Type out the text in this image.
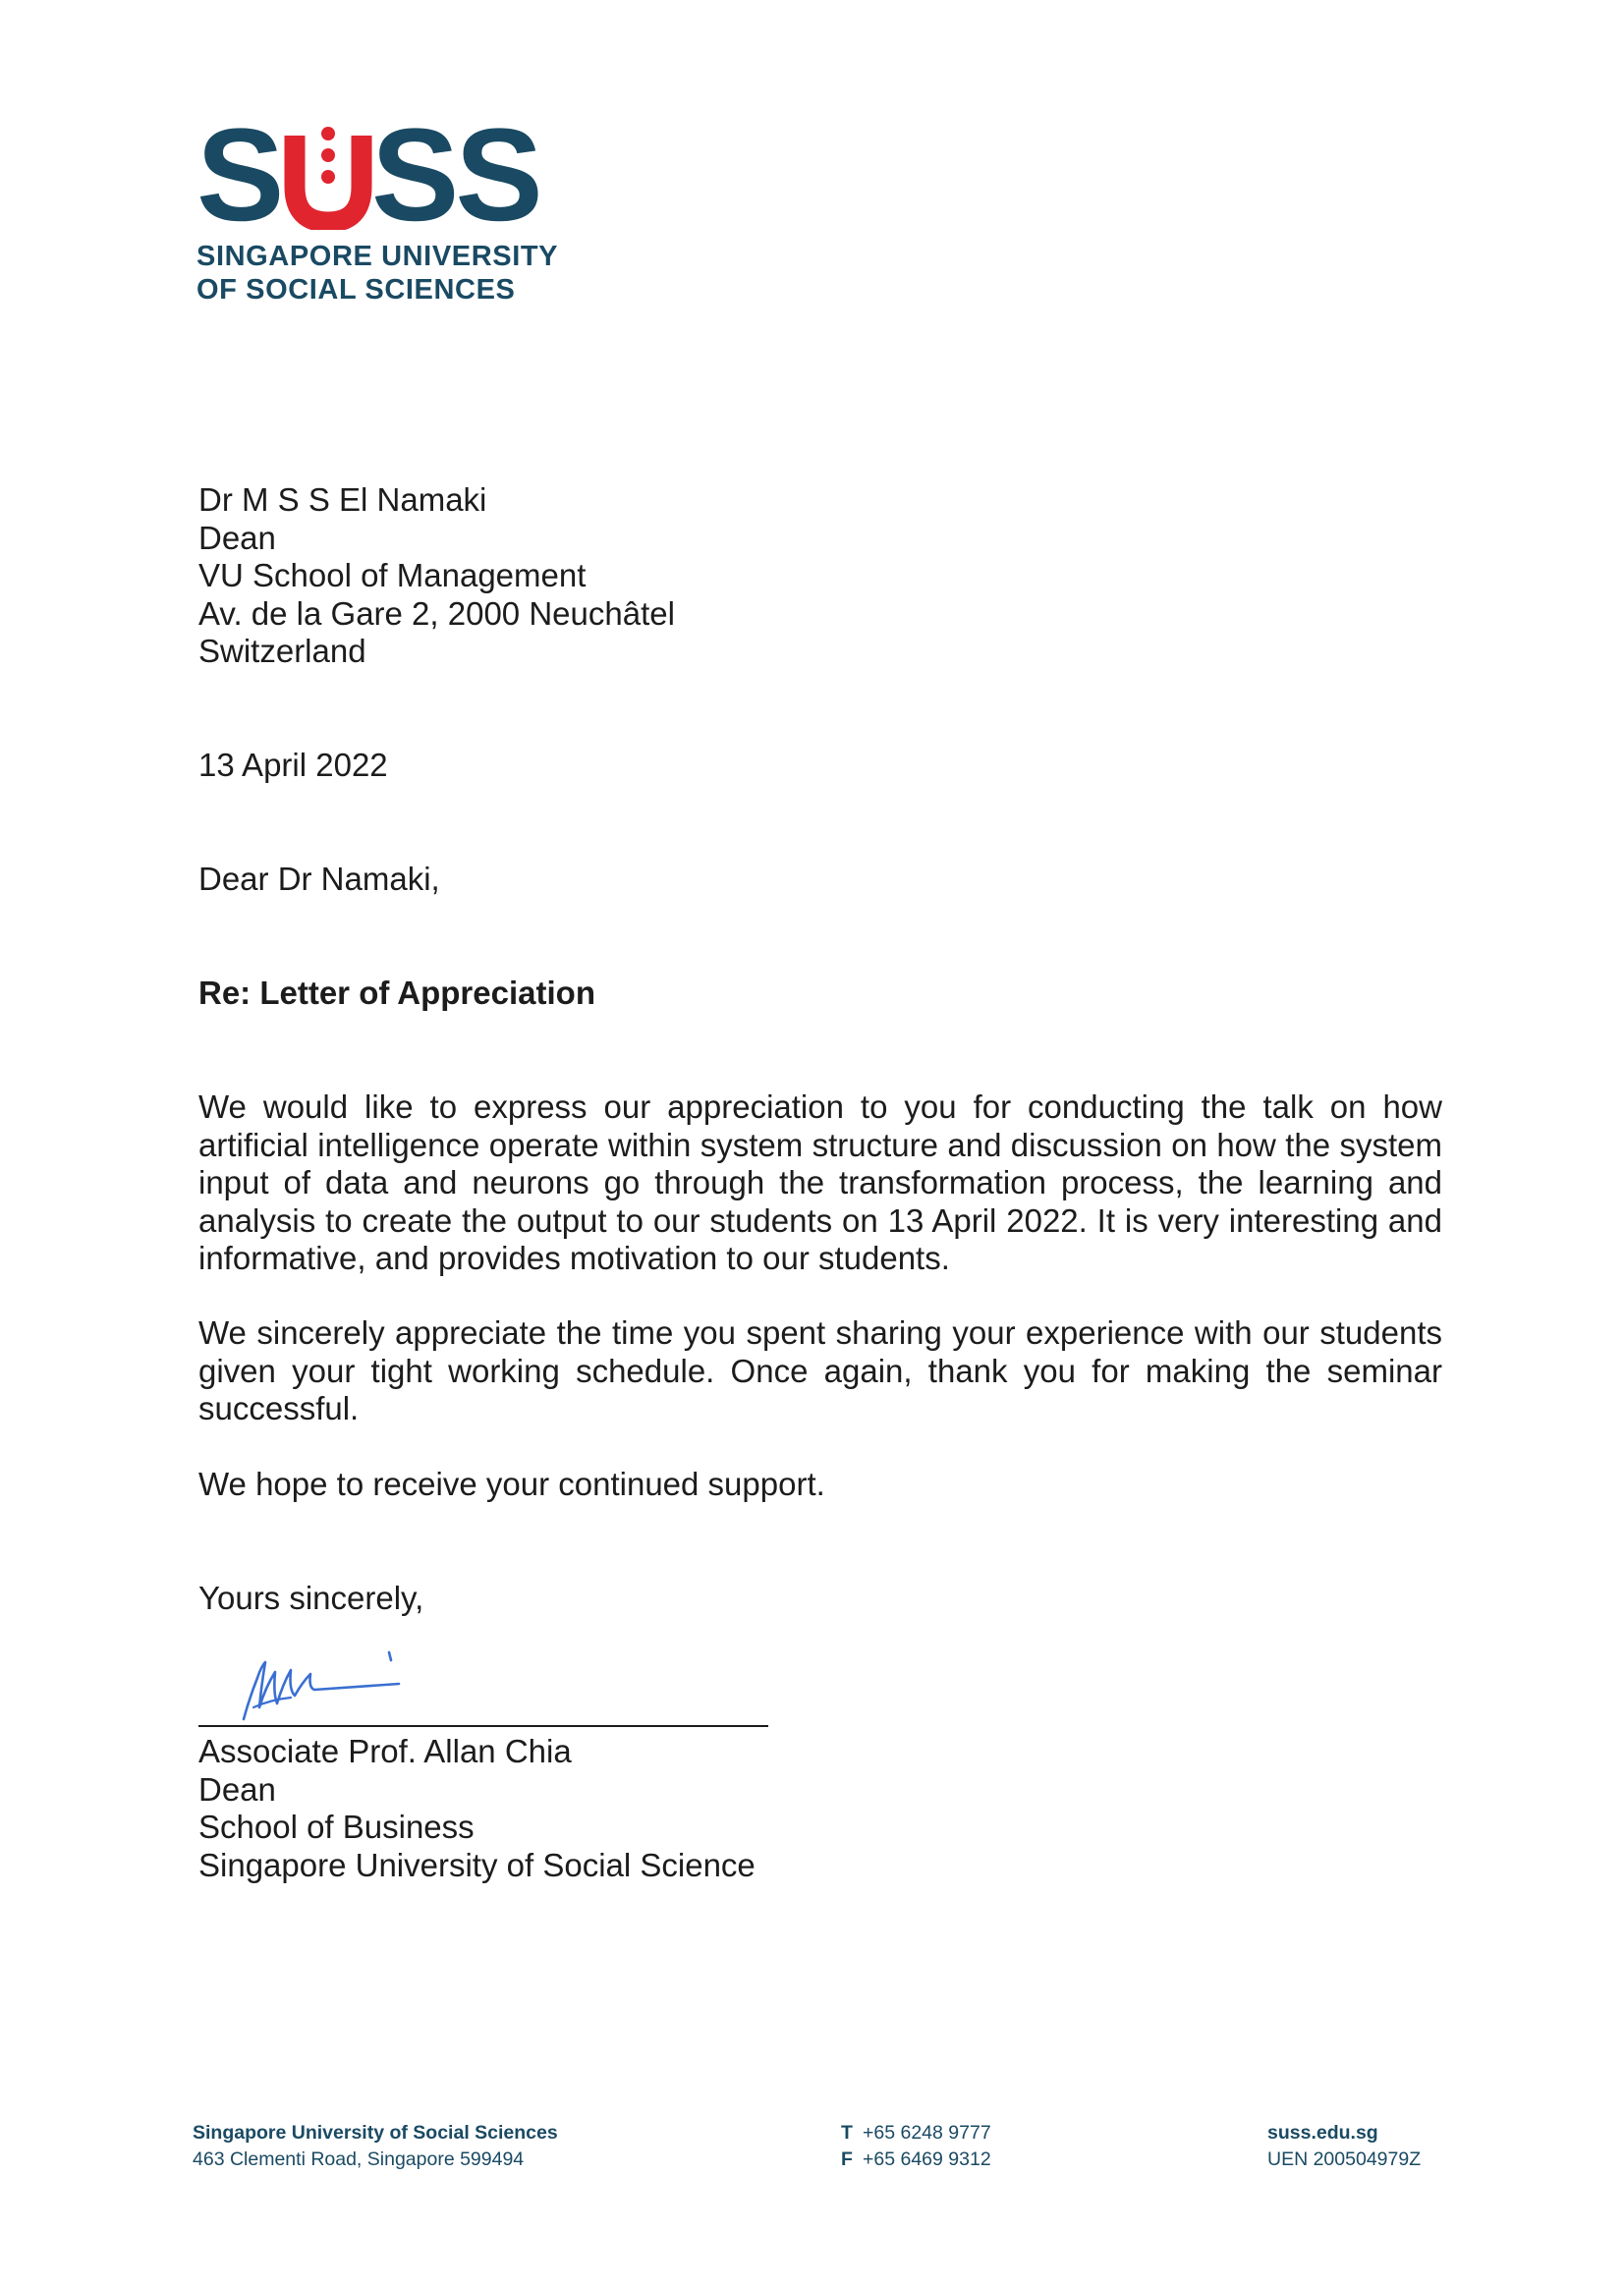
S SS
SINGAPORE UNIVERSITY
OF SOCIAL SCIENCES
Dr M S S El Namaki
Dean
VU School of Management
Av. de la Gare 2, 2000 Neuchâtel
Switzerland
13 April 2022
Dear Dr Namaki,
Re: Letter of Appreciation
We would like to express our appreciation to you for conducting the talk on how artificial intelligence operate within system structure and discussion on how the system input of data and neurons go through the transformation process, the learning and analysis to create the output to our students on 13 April 2022. It is very interesting and informative, and provides motivation to our students.
We sincerely appreciate the time you spent sharing your experience with our students given your tight working schedule. Once again, thank you for making the seminar successful.
We hope to receive your continued support.
Yours sincerely,
Associate Prof. Allan Chia
Dean
School of Business
Singapore University of Social Science
Singapore University of Social Sciences
463 Clementi Road, Singapore 599494
T +65 6248 9777
F +65 6469 9312
suss.edu.sg
UEN 200504979Z
